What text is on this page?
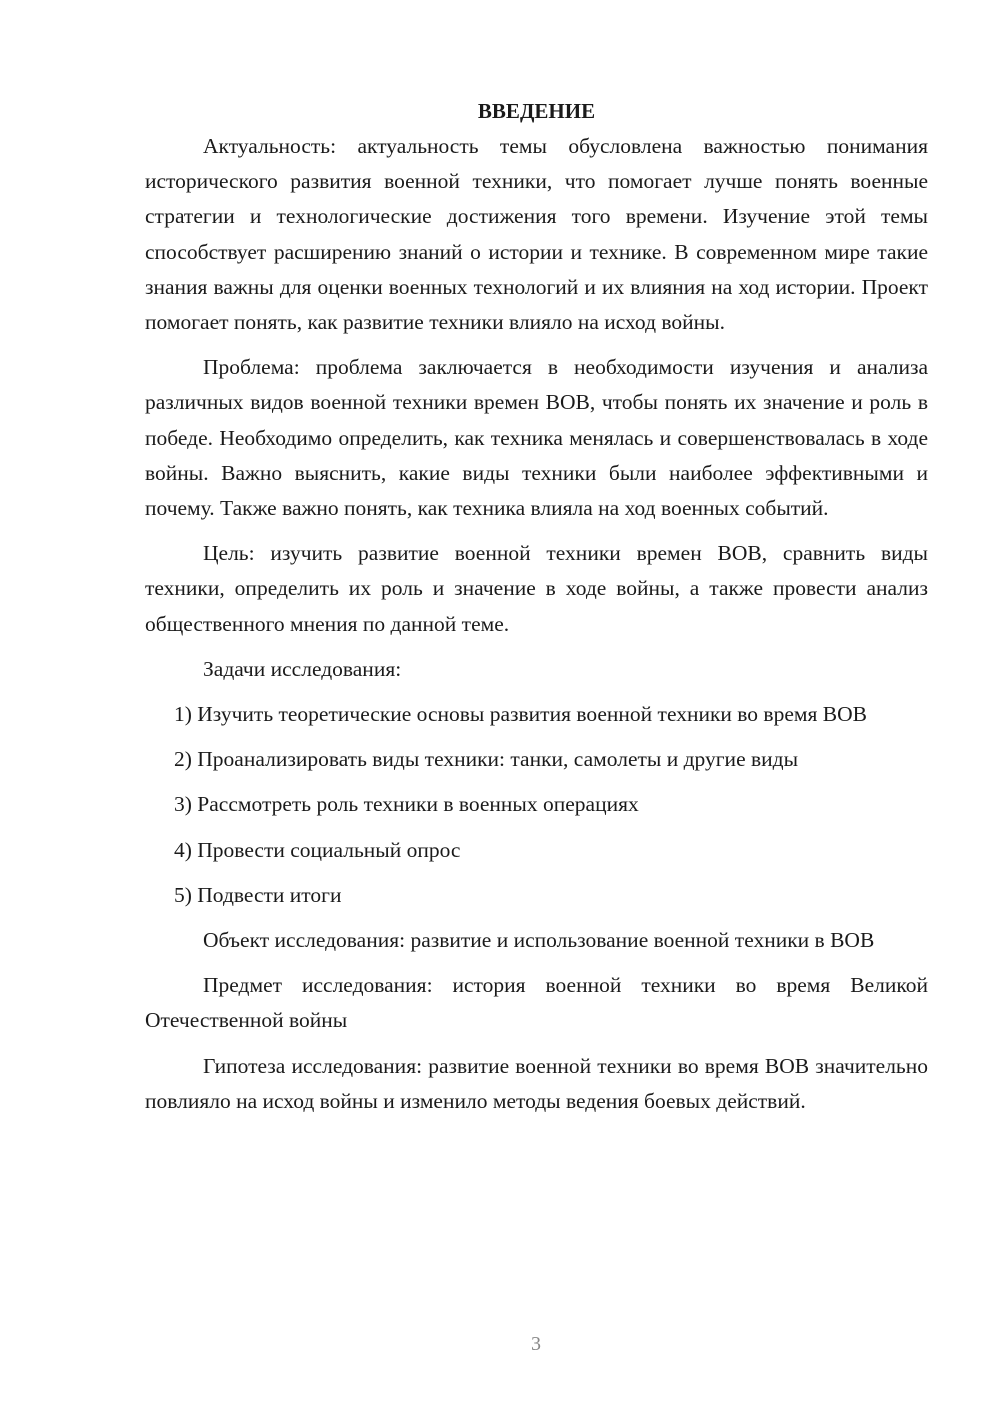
ВВЕДЕНИЕ

Актуальность: актуальность темы обусловлена важностью понимания исторического развития военной техники, что помогает лучше понять военные стратегии и технологические достижения того времени. Изучение этой темы способствует расширению знаний о истории и технике. В современном мире такие знания важны для оценки военных технологий и их влияния на ход истории. Проект помогает понять, как развитие техники влияло на исход войны.

Проблема: проблема заключается в необходимости изучения и анализа различных видов военной техники времен ВОВ, чтобы понять их значение и роль в победе. Необходимо определить, как техника менялась и совершенствовалась в ходе войны. Важно выяснить, какие виды техники были наиболее эффективными и почему. Также важно понять, как техника влияла на ход военных событий.

Цель: изучить развитие военной техники времен ВОВ, сравнить виды техники, определить их роль и значение в ходе войны, а также провести анализ общественного мнения по данной теме.

Задачи исследования:

1) Изучить теоретические основы развития военной техники во время ВОВ

2) Проанализировать виды техники: танки, самолеты и другие виды

3) Рассмотреть роль техники в военных операциях

4) Провести социальный опрос

5) Подвести итоги

Объект исследования: развитие и использование военной техники в ВОВ

Предмет исследования: история военной техники во время Великой Отечественной войны

Гипотеза исследования: развитие военной техники во время ВОВ значительно повлияло на исход войны и изменило методы ведения боевых действий.

3
